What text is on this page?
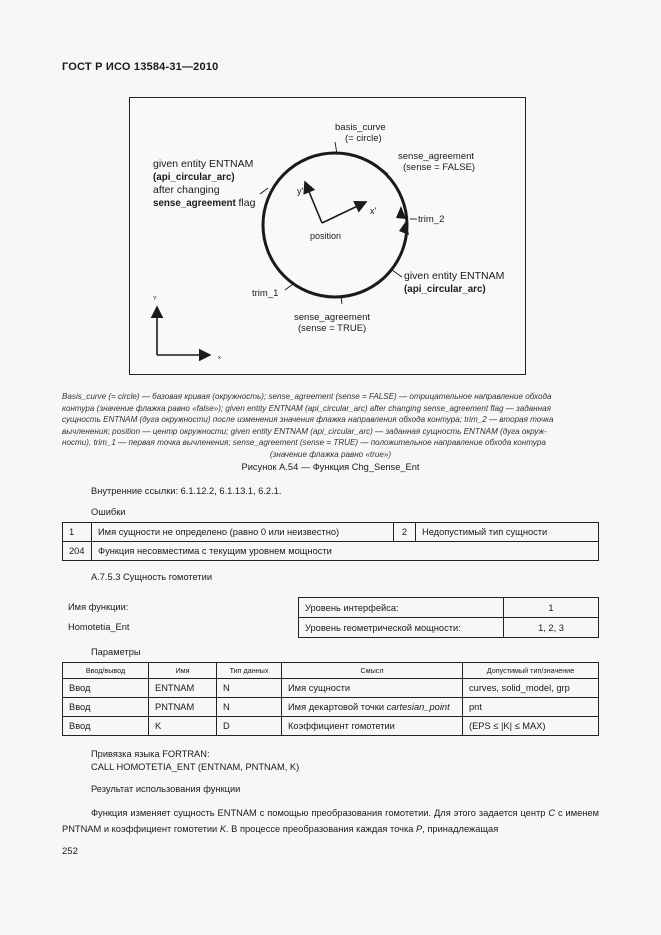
ГОСТ Р ИСО 13584-31—2010
basis_curve
(= circle)
given entity ENTNAM
(api_circular_arc)
after changing
sense_agreement flag
sense_agreement
(sense = FALSE)
trim_2
y'
x'
position
given entity ENTNAM
(api_circular_arc)
trim_1
sense_agreement
(sense = TRUE)
Y
x
Basis_curve (= circle) — базовая кривая (окружность); sense_agreement (sense = FALSE) — отрицательное направление обхода
контура (значение флажка равно «false»); given entity ENTNAM (api_circular_arc) after changing sense_agreement flag — заданная
сущность ENTNAM (дуга окружности) после изменения значения флажка направления обхода контура; trim_2 — вторая точка
вычленения; position — центр окружности; given entity ENTNAM (api_circular_arc) — заданная сущность ENTNAM (дуга окруж-
ности), trim_1 — первая точка вычленения; sense_agreement (sense = TRUE) — положительное направление обхода контура
(значение флажка равно «true»)
Рисунок А.54 — Функция Chg_Sense_Ent
Внутренние ссылки: 6.1.12.2, 6.1.13.1, 6.2.1.
Ошибки
1	Имя сущности не определено (равно 0 или неизвестно)	2	Недопустимый тип сущности
204	Функция несовместима с текущим уровнем мощности		
А.7.5.3 Сущность гомотетии
Имя функции:
Homotetia_Ent
Уровень интерфейса:	1
Уровень геометрической мощности:	1, 2, 3
Параметры
Ввод/вывод	Имя	Тип данных	Смысл	Допустимый тип/значение
Ввод	ENTNAM	N	Имя сущности	curves, solid_model, grp
Ввод	PNTNAM	N	Имя декартовой точки cartesian_point	pnt
Ввод	K	D	Коэффициент гомотетии	(EPS ≤ |K| ≤ MAX)
Привязка языка FORTRAN:
CALL HOMOTETIA_ENT (ENTNAM, PNTNAM, K)
Результат использования функции
Функция изменяет сущность ENTNAM с помощью преобразования гомотетии. Для этого задается центр C с именем PNTNAM и коэффициент гомотетии K. В процессе преобразования каждая точка P, принадлежащая
252
